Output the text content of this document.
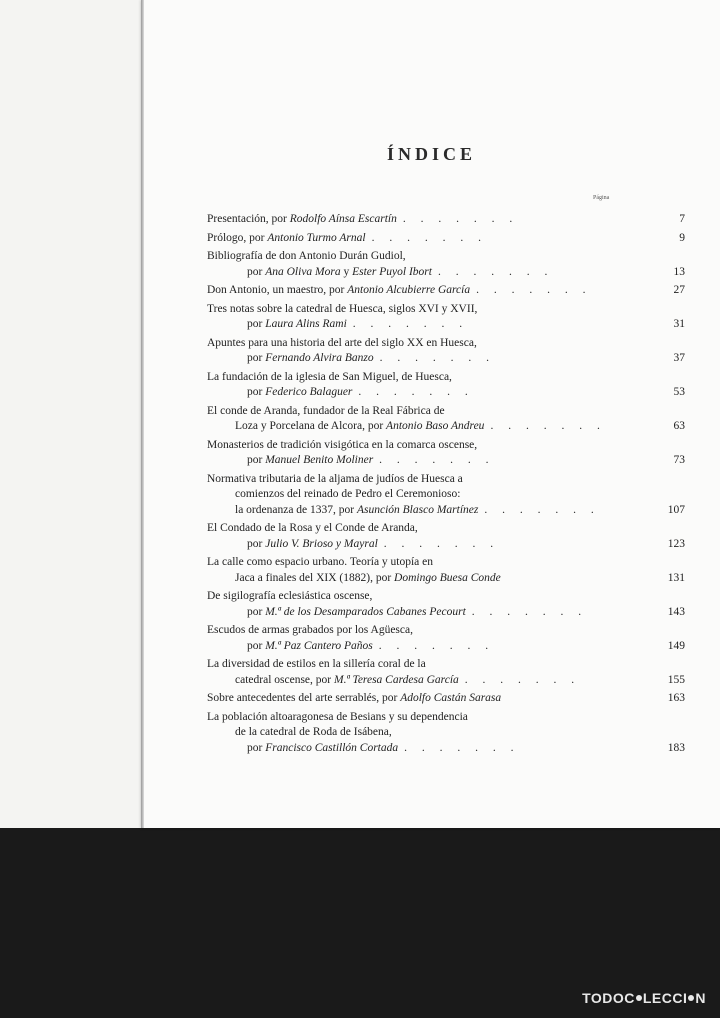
ÍNDICE
Página
Presentación, por Rodolfo Aínsa Escartín . . . . . . .	7
Prólogo, por Antonio Turmo Arnal . . . . . . .	9
Bibliografía de don Antonio Durán Gudiol,
por Ana Oliva Mora y Ester Puyol Ibort . . . . . . .	13
Don Antonio, un maestro, por Antonio Alcubierre García . . . . . . .	27
Tres notas sobre la catedral de Huesca, siglos XVI y XVII,
por Laura Alins Rami . . . . . . .	31
Apuntes para una historia del arte del siglo XX en Huesca,
por Fernando Alvira Banzo . . . . . . .	37
La fundación de la iglesia de San Miguel, de Huesca,
por Federico Balaguer . . . . . . .	53
El conde de Aranda, fundador de la Real Fábrica de
Loza y Porcelana de Alcora, por Antonio Baso Andreu . . . . . . .	63
Monasterios de tradición visigótica en la comarca oscense,
por Manuel Benito Moliner . . . . . . .	73
Normativa tributaria de la aljama de judíos de Huesca a
comienzos del reinado de Pedro el Ceremonioso:
la ordenanza de 1337, por Asunción Blasco Martínez . . . . . . .	107
El Condado de la Rosa y el Conde de Aranda,
por Julio V. Brioso y Mayral . . . . . . .	123
La calle como espacio urbano. Teoría y utopía en
Jaca a finales del XIX (1882), por Domingo Buesa Conde	131
De sigilografía eclesiástica oscense,
por M.ª de los Desamparados Cabanes Pecourt . . . . . . .	143
Escudos de armas grabados por los Agüesca,
por M.ª Paz Cantero Paños . . . . . . .	149
La diversidad de estilos en la sillería coral de la
catedral oscense, por M.ª Teresa Cardesa García . . . . . . .	155
Sobre antecedentes del arte serrablés, por Adolfo Castán Sarasa	163
La población altoaragonesa de Besians y su dependencia
de la catedral de Roda de Isábena,
por Francisco Castillón Cortada . . . . . . .	183
TODOC LECCI N
